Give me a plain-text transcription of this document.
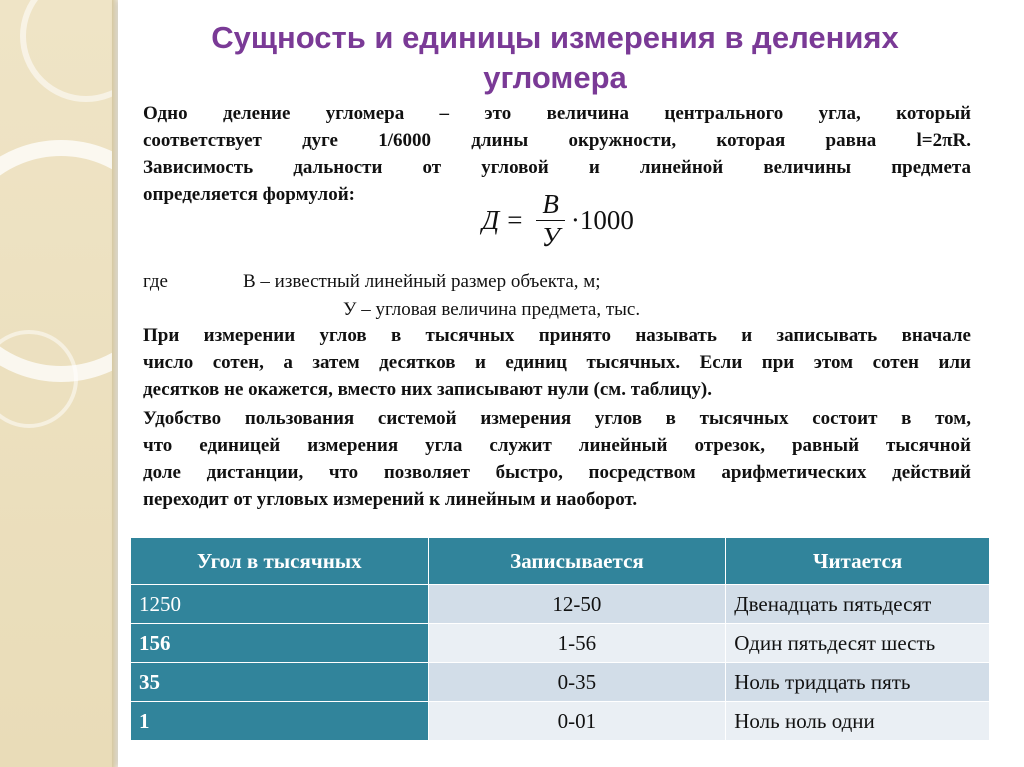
Сущность и единицы измерения в делениях угломера
Одно деление угломера – это величина центрального угла, который
соответствует дуге 1/6000 длины окружности, которая равна l=2πR.
Зависимость дальности от угловой и линейной величины предмета
определяется формулой:
$Д = \frac{В}{У} \cdot 1000$
где	В – известный линейный размер объекта, м;
У – угловая величина предмета, тыс.
При измерении углов в тысячных принято называть и записывать вначале
число сотен, а затем десятков и единиц тысячных. Если при этом сотен или
десятков не окажется, вместо них записывают нули (см. таблицу).
Удобство пользования системой измерения углов в тысячных состоит в том,
что единицей измерения угла служит линейный отрезок, равный тысячной
доле дистанции, что позволяет быстро, посредством арифметических действий
переходит от угловых измерений к линейным и наоборот.
Угол в тысячных	Записывается	Читается
1250	12-50	Двенадцать пятьдесят
156	1-56	Один пятьдесят шесть
35	0-35	Ноль тридцать пять
1	0-01	Ноль ноль одни
